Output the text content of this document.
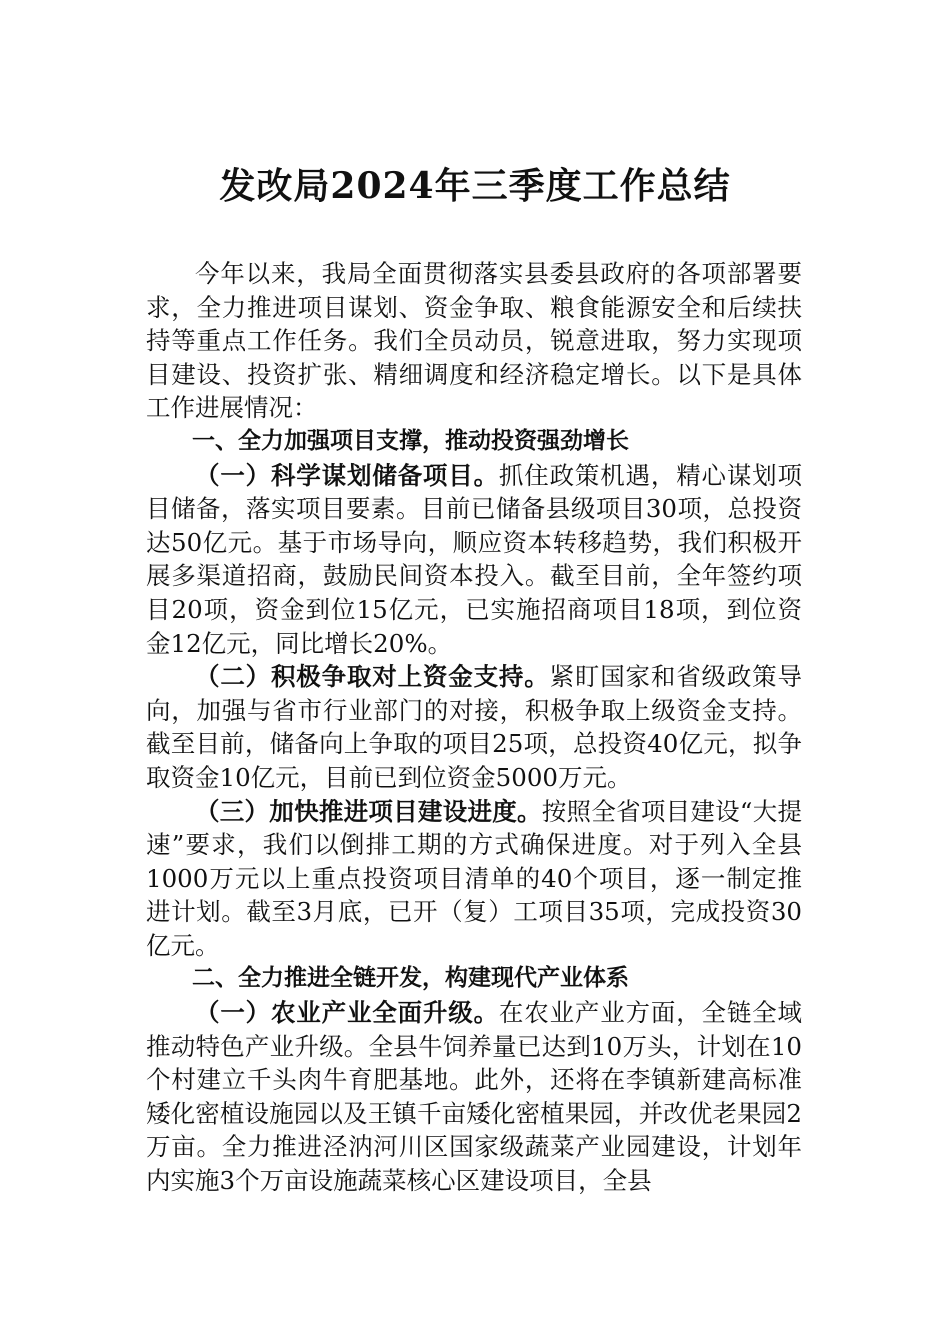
发改局2024年三季度工作总结

今年以来，我局全面贯彻落实县委县政府的各项部署要求，全力推进项目谋划、资金争取、粮食能源安全和后续扶持等重点工作任务。我们全员动员，锐意进取，努力实现项目建设、投资扩张、精细调度和经济稳定增长。以下是具体工作进展情况：

一、全力加强项目支撑，推动投资强劲增长

（一）科学谋划储备项目。抓住政策机遇，精心谋划项目储备，落实项目要素。目前已储备县级项目30项，总投资达50亿元。基于市场导向，顺应资本转移趋势，我们积极开展多渠道招商，鼓励民间资本投入。截至目前，全年签约项目20项，资金到位15亿元，已实施招商项目18项，到位资金12亿元，同比增长20%。

（二）积极争取对上资金支持。紧盯国家和省级政策导向，加强与省市行业部门的对接，积极争取上级资金支持。截至目前，储备向上争取的项目25项，总投资40亿元，拟争取资金10亿元，目前已到位资金5000万元。

（三）加快推进项目建设进度。按照全省项目建设“大提速”要求，我们以倒排工期的方式确保进度。对于列入全县1000万元以上重点投资项目清单的40个项目，逐一制定推进计划。截至3月底，已开（复）工项目35项，完成投资30亿元。

二、全力推进全链开发，构建现代产业体系

（一）农业产业全面升级。在农业产业方面，全链全域推动特色产业升级。全县牛饲养量已达到10万头，计划在10个村建立千头肉牛育肥基地。此外，还将在李镇新建高标准矮化密植设施园以及王镇千亩矮化密植果园，并改优老果园2万亩。全力推进泾汭河川区国家级蔬菜产业园建设，计划年内实施3个万亩设施蔬菜核心区建设项目，全县
